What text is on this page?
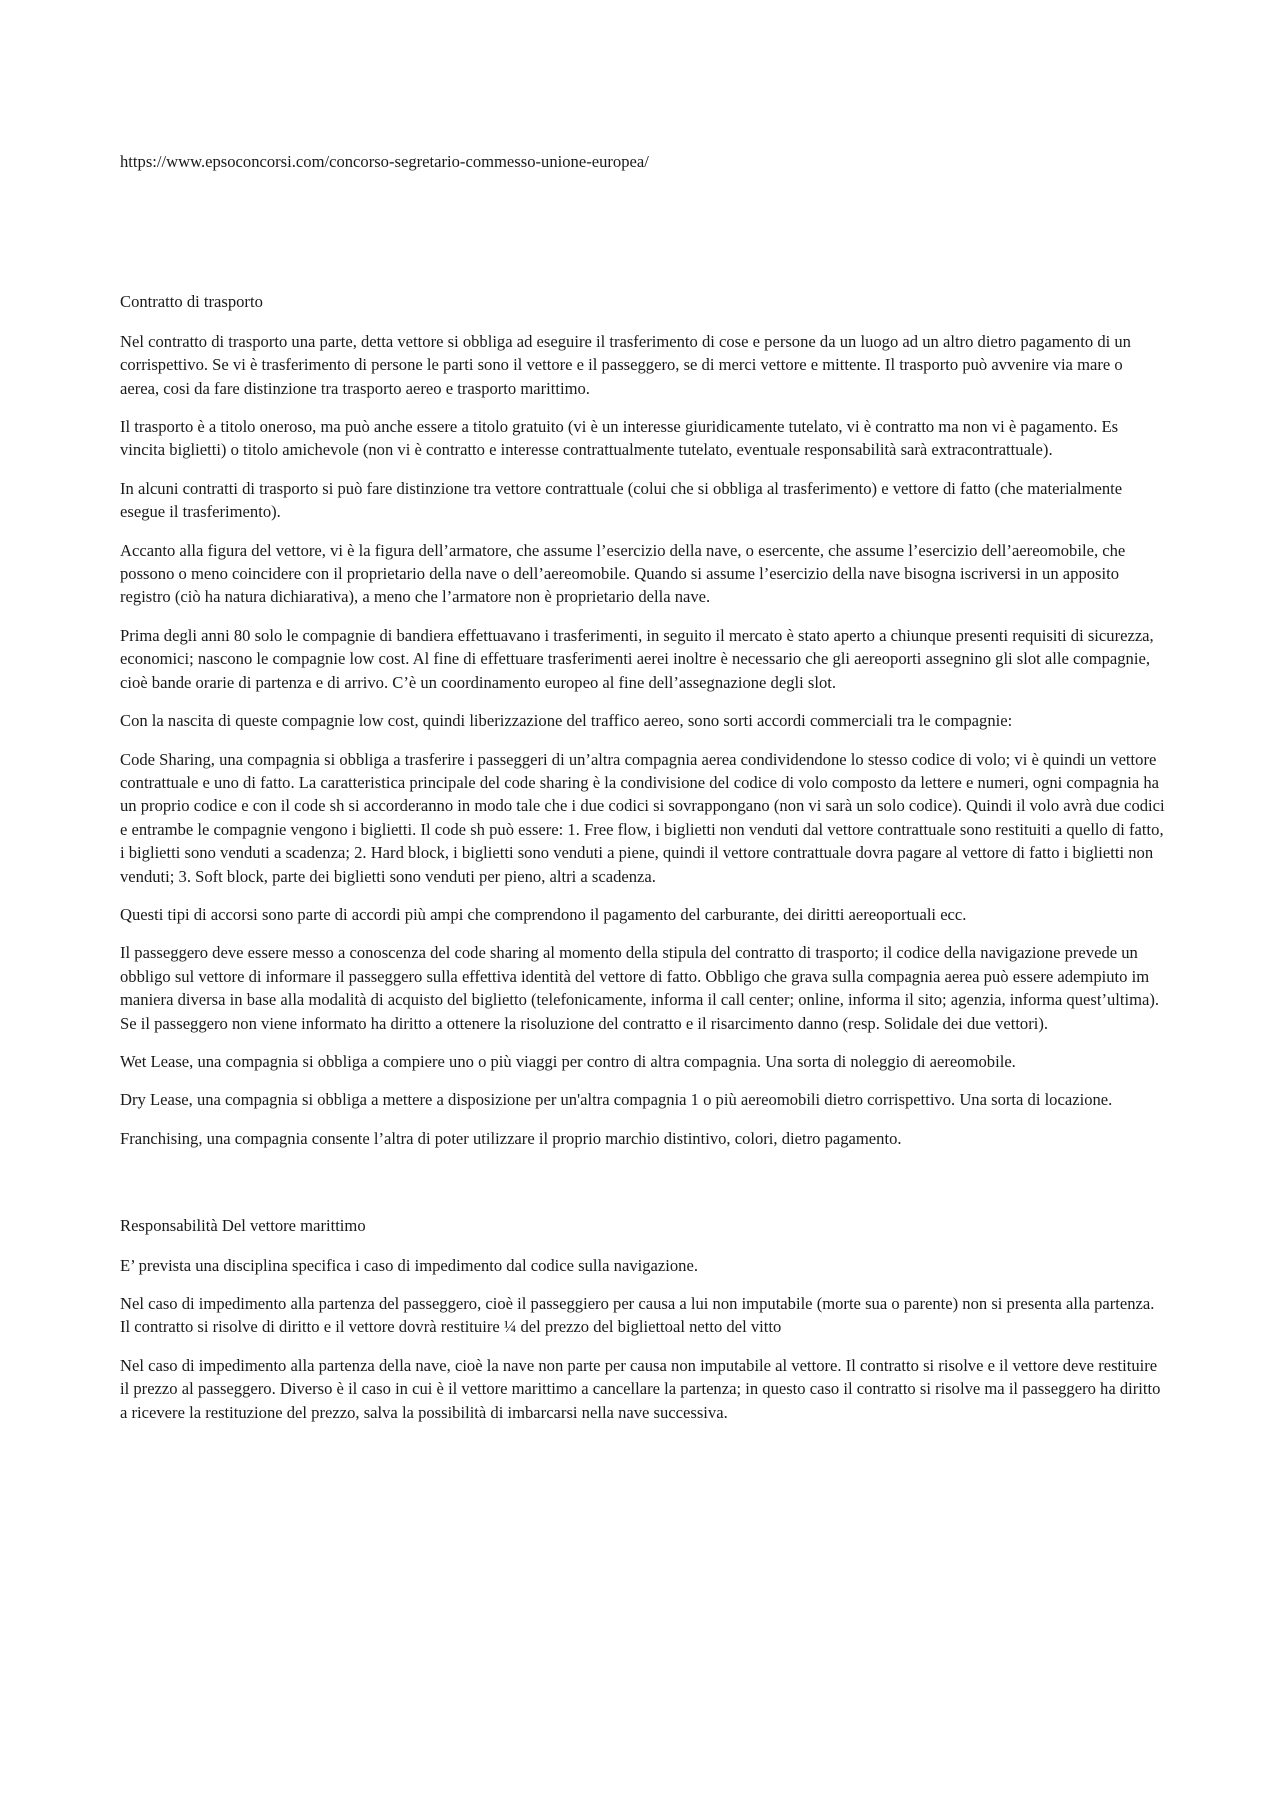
https://www.epsoconcorsi.com/concorso-segretario-commesso-unione-europea/

Contratto di trasporto

Nel contratto di trasporto una parte, detta vettore si obbliga ad eseguire il trasferimento di cose e persone da un luogo ad un altro dietro pagamento di un corrispettivo. Se vi è trasferimento di persone le parti sono il vettore e il passeggero, se di merci vettore e mittente. Il trasporto può avvenire via mare o aerea, cosi da fare distinzione tra trasporto aereo e trasporto marittimo.

Il trasporto è a titolo oneroso, ma può anche essere a titolo gratuito (vi è un interesse giuridicamente tutelato, vi è contratto ma non vi è pagamento. Es vincita biglietti) o titolo amichevole (non vi è contratto e interesse contrattualmente tutelato, eventuale responsabilità sarà extracontrattuale).

In alcuni contratti di trasporto si può fare distinzione tra vettore contrattuale (colui che si obbliga al trasferimento) e vettore di fatto (che materialmente esegue il trasferimento).

Accanto alla figura del vettore, vi è la figura dell’armatore, che assume l’esercizio della nave, o esercente, che assume l’esercizio dell’aereomobile, che possono o meno coincidere con il proprietario della nave o dell’aereomobile. Quando si assume l’esercizio della nave bisogna iscriversi in un apposito registro (ciò ha natura dichiarativa), a meno che l’armatore non è proprietario della nave.

Prima degli anni 80 solo le compagnie di bandiera effettuavano i trasferimenti, in seguito il mercato è stato aperto a chiunque presenti requisiti di sicurezza, economici; nascono le compagnie low cost. Al fine di effettuare trasferimenti aerei inoltre è necessario che gli aereoporti assegnino gli slot alle compagnie, cioè bande orarie di partenza e di arrivo. C’è un coordinamento europeo al fine dell’assegnazione degli slot.

Con la nascita di queste compagnie low cost, quindi liberizzazione del traffico aereo, sono sorti accordi commerciali tra le compagnie:

Code Sharing, una compagnia si obbliga a trasferire i passeggeri di un’altra compagnia aerea condividendone lo stesso codice di volo; vi è quindi un vettore contrattuale e uno di fatto. La caratteristica principale del code sharing è la condivisione del codice di volo composto da lettere e numeri, ogni compagnia ha un proprio codice e con il code sh si accorderanno in modo tale che i due codici si sovrappongano (non vi sarà un solo codice). Quindi il volo avrà due codici e entrambe le compagnie vengono i biglietti. Il code sh può essere: 1. Free flow, i biglietti non venduti dal vettore contrattuale sono restituiti a quello di fatto, i biglietti sono venduti a scadenza; 2. Hard block, i biglietti sono venduti a piene, quindi il vettore contrattuale dovra pagare al vettore di fatto i biglietti non venduti; 3. Soft block, parte dei biglietti sono venduti per pieno, altri a scadenza.

Questi tipi di accorsi sono parte di accordi più ampi che comprendono il pagamento del carburante, dei diritti aereoportuali ecc.

Il passeggero deve essere messo a conoscenza del code sharing al momento della stipula del contratto di trasporto; il codice della navigazione prevede un obbligo sul vettore di informare il passeggero sulla effettiva identità del vettore di fatto. Obbligo che grava sulla compagnia aerea può essere adempiuto im maniera diversa in base alla modalità di acquisto del biglietto (telefonicamente, informa il call center; online, informa il sito; agenzia, informa quest’ultima). Se il passeggero non viene informato ha diritto a ottenere la risoluzione del contratto e il risarcimento danno (resp. Solidale dei due vettori).

Wet Lease, una compagnia si obbliga a compiere uno o più viaggi per contro di altra compagnia. Una sorta di noleggio di aereomobile.

Dry Lease, una compagnia si obbliga a mettere a disposizione per un'altra compagnia 1 o più aereomobili dietro corrispettivo. Una sorta di locazione.

Franchising, una compagnia consente l’altra di poter utilizzare il proprio marchio distintivo, colori, dietro pagamento.

Responsabilità Del vettore marittimo

E’ prevista una disciplina specifica i caso di impedimento dal codice sulla navigazione.

Nel caso di impedimento alla partenza del passeggero, cioè il passeggiero per causa a lui non imputabile (morte sua o parente) non si presenta alla partenza. Il contratto si risolve di diritto e il vettore dovrà restituire ¼ del prezzo del bigliettoal netto del vitto

Nel caso di impedimento alla partenza della nave, cioè la nave non parte per causa non imputabile al vettore. Il contratto si risolve e il vettore deve restituire il prezzo al passeggero. Diverso è il caso in cui è il vettore marittimo a cancellare la partenza; in questo caso il contratto si risolve ma il passeggero ha diritto a ricevere la restituzione del prezzo, salva la possibilità di imbarcarsi nella nave successiva.
